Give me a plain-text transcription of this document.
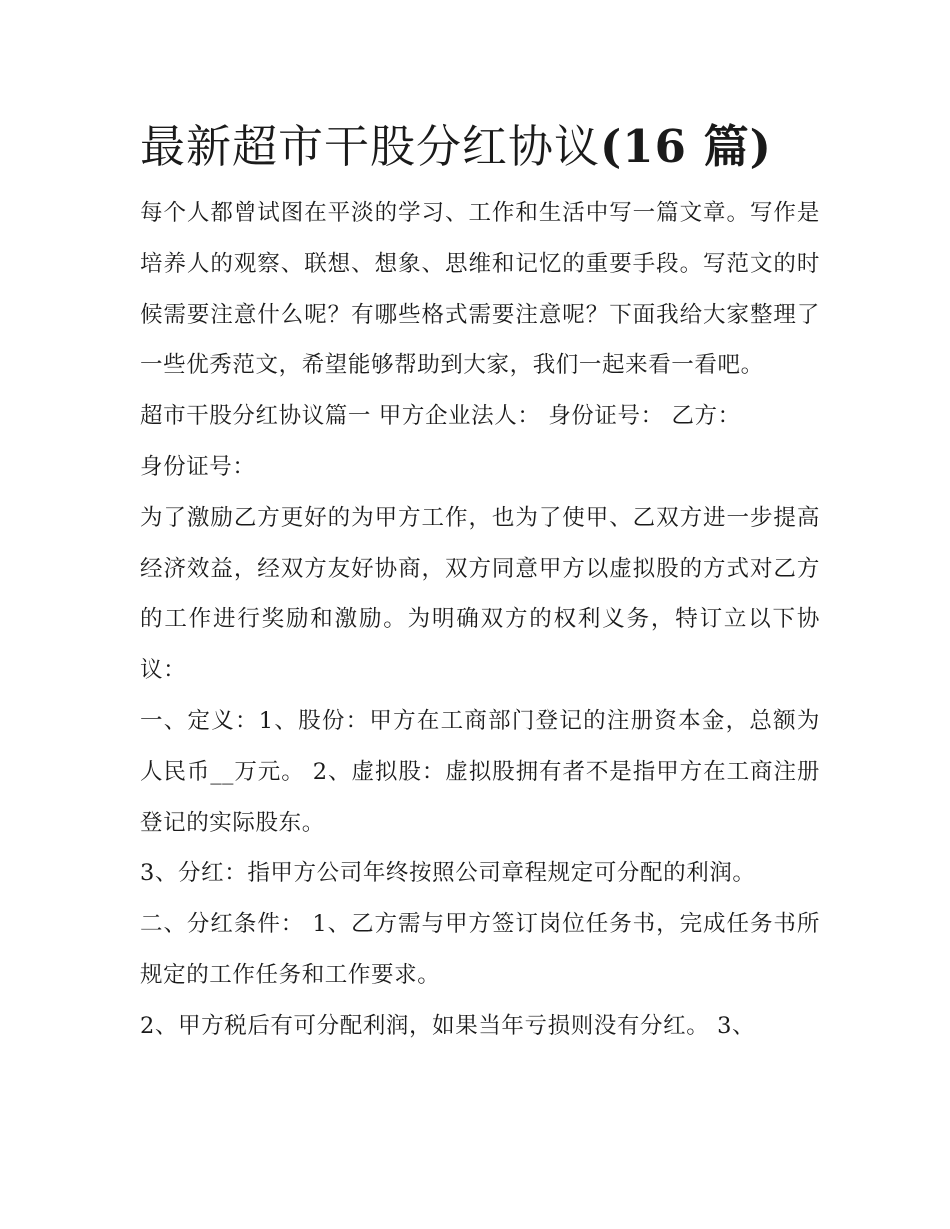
最新超市干股分红协议(16 篇)

每个人都曾试图在平淡的学习、工作和生活中写一篇文章。写作是培养人的观察、联想、想象、思维和记忆的重要手段。写范文的时候需要注意什么呢？有哪些格式需要注意呢？下面我给大家整理了一些优秀范文，希望能够帮助到大家，我们一起来看一看吧。

超市干股分红协议篇一 甲方企业法人： 身份证号： 乙方：

身份证号：

为了激励乙方更好的为甲方工作，也为了使甲、乙双方进一步提高经济效益，经双方友好协商，双方同意甲方以虚拟股的方式对乙方的工作进行奖励和激励。为明确双方的权利义务，特订立以下协议：

一、定义：1、股份：甲方在工商部门登记的注册资本金，总额为人民币__万元。 2、虚拟股：虚拟股拥有者不是指甲方在工商注册登记的实际股东。

3、分红：指甲方公司年终按照公司章程规定可分配的利润。

二、分红条件： 1、乙方需与甲方签订岗位任务书，完成任务书所规定的工作任务和工作要求。

2、甲方税后有可分配利润，如果当年亏损则没有分红。 3、
